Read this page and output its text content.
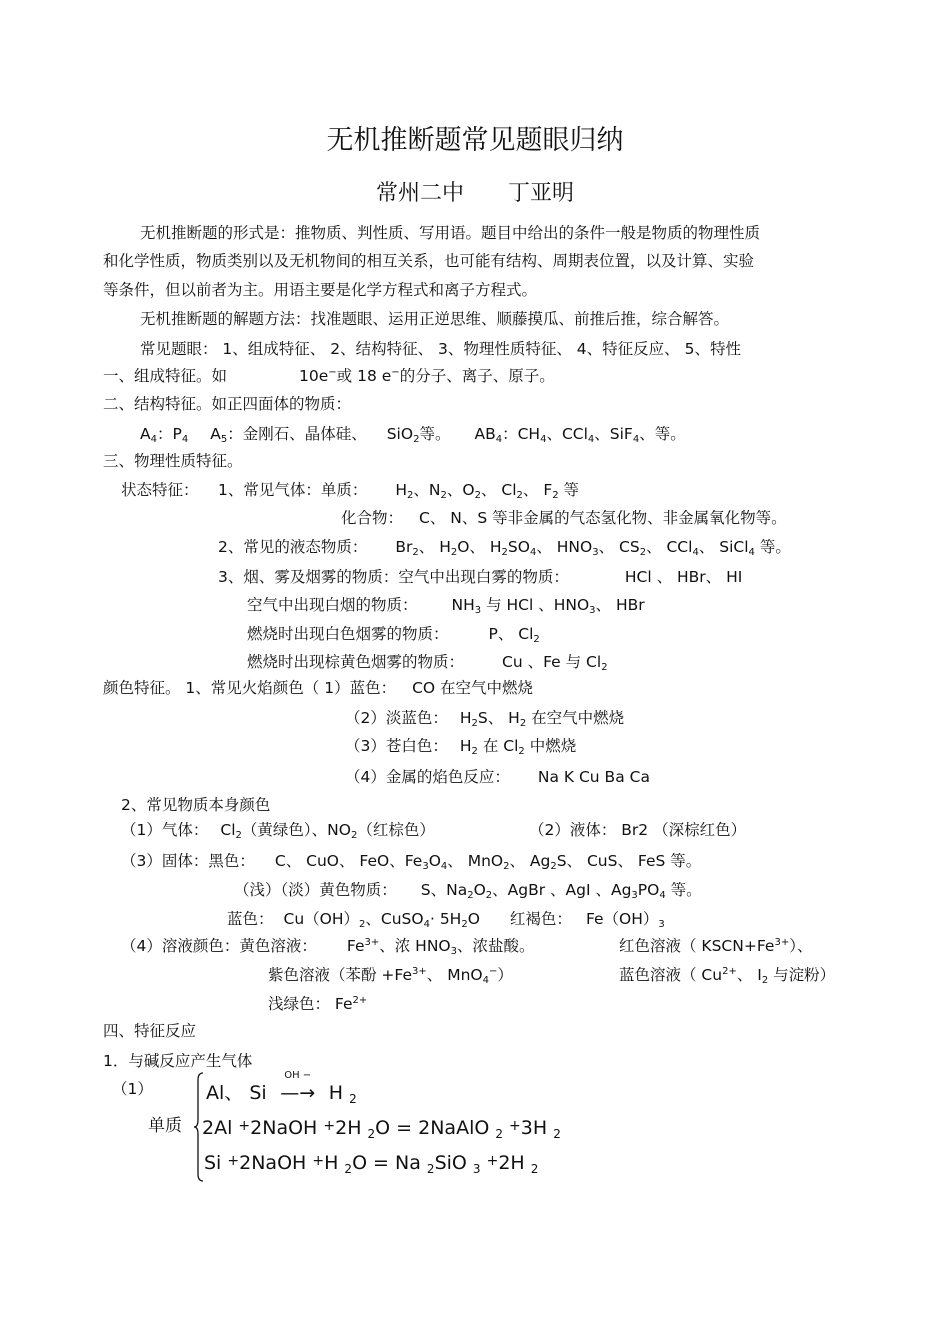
无机推断题常见题眼归纳
常州二中 丁亚明
无机推断题的形式是：推物质、判性质、写用语。题目中给出的条件一般是物质的物理性质
和化学性质，物质类别以及无机物间的相互关系，也可能有结构、周期表位置，以及计算、实验
等条件，但以前者为主。用语主要是化学方程式和离子方程式。
无机推断题的解题方法：找准题眼、运用正逆思维、顺藤摸瓜、前推后推，综合解答。
常见题眼： 1、组成特征、 2、结构特征、 3、物理性质特征、 4、特征反应、 5、特性
一、组成特征。如	10e−或 18 e−的分子、离子、原子。
二、结构特征。如正四面体的物质：
$A_4$：$P_4$ $A_5$：金刚石、晶体硅、 SiO$_2$等。 $AB_4$：$CH_4$、CCl$_4$、SiF$_4$、等。
三、物理性质特征。
状态特征： 1、常见气体：单质： $H_2$、$N_2$、$O_2$、 $Cl_2$、 $F_2$ 等
化合物： C、 N、S 等非金属的气态氢化物、非金属氧化物等。
2、常见的液态物质： $Br_2$、 $H_2O$、 $H_2SO_4$、 $HNO_3$、 $CS_2$、 CCl$_4$、 SiCl$_4$ 等。
3、烟、雾及烟雾的物质：空气中出现白雾的物质：	HCl 、 HBr、 HI
空气中出现白烟的物质： $NH_3$ 与 HCl 、$HNO_3$、 HBr
燃烧时出现白色烟雾的物质：	P、 $Cl_2$
燃烧时出现棕黄色烟雾的物质： Cu 、Fe 与 $Cl_2$
颜色特征。 1、常见火焰颜色（ 1）蓝色： CO 在空气中燃烧
（2）淡蓝色： $H_2S$、 $H_2$ 在空气中燃烧
（3）苍白色： $H_2$ 在 $Cl_2$ 中燃烧
（4）金属的焰色反应： Na K Cu Ba Ca
2、常见物质本身颜色
（1）气体： $Cl_2$（黄绿色）、$NO_2$（红棕色）	（2）液体： Br2 （深棕红色）
（3）固体：黑色： C、 CuO、 FeO、$Fe_3O_4$、 MnO$_2$、 $Ag_2S$、 CuS、 FeS 等。
（浅）（淡）黄色物质： S、$Na_2O_2$、AgBr 、AgI 、$Ag_3PO_4$ 等。
蓝色： $Cu(OH)_2$、CuSO$_4$· $5H_2O$ 红褐色： $Fe(OH)_3$
（4）溶液颜色：黄色溶液： $Fe^{3+}$、浓 $HNO_3$、浓盐酸。	红色溶液（ $KSCN+Fe^{3+}$）、
紫色溶液（苯酚 $+Fe^{3+}$、 MnO$_4$−）	蓝色溶液（ $Cu^{2+}$、 $I_2$ 与淀粉）
浅绿色： $Fe^{2+}$
四、特征反应
1．与碱反应产生气体
（1）
单质
Al、 Si
OH −
—→ H $_2$
2Al +2NaOH +2H $_2$O = 2NaAlO $_2$ +3H $_2$
Si +2NaOH +H $_2$O = Na $_2$SiO $_3$ +2H $_2$
